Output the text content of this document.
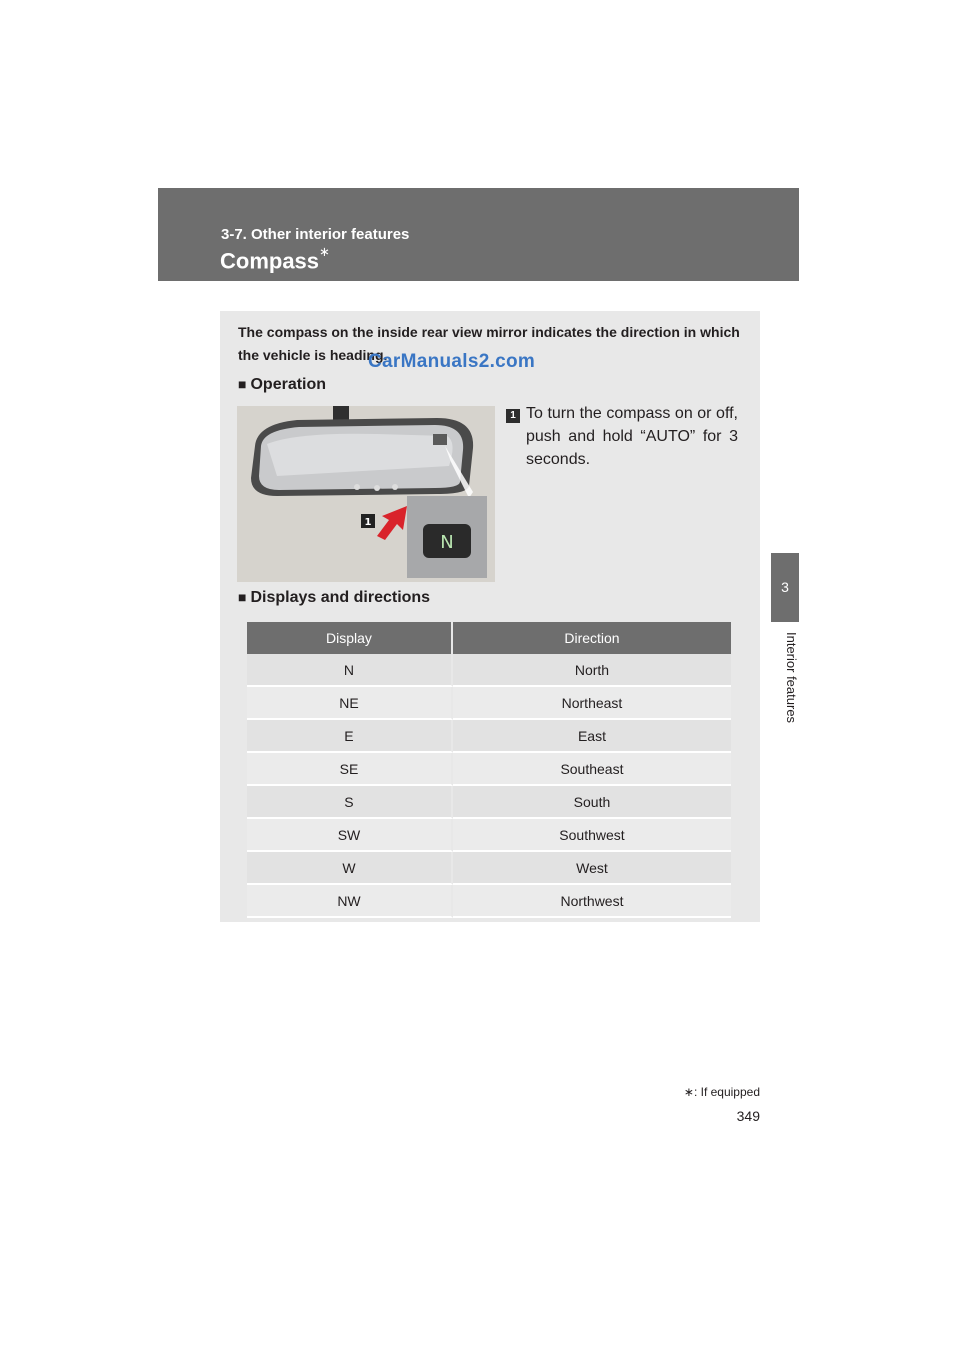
3-7. Other interior features
Compass∗
3
Interior features
The compass on the inside rear view mirror indicates the direction in which the vehicle is heading.
CarManuals2.com
■ Operation
N
1
1 To turn the compass on or off, push and hold “AUTO” for 3 seconds.
■ Displays and directions
Display	Direction
N	North
NE	Northeast
E	East
SE	Southeast
S	South
SW	Southwest
W	West
NW	Northwest
∗: If equipped
349
